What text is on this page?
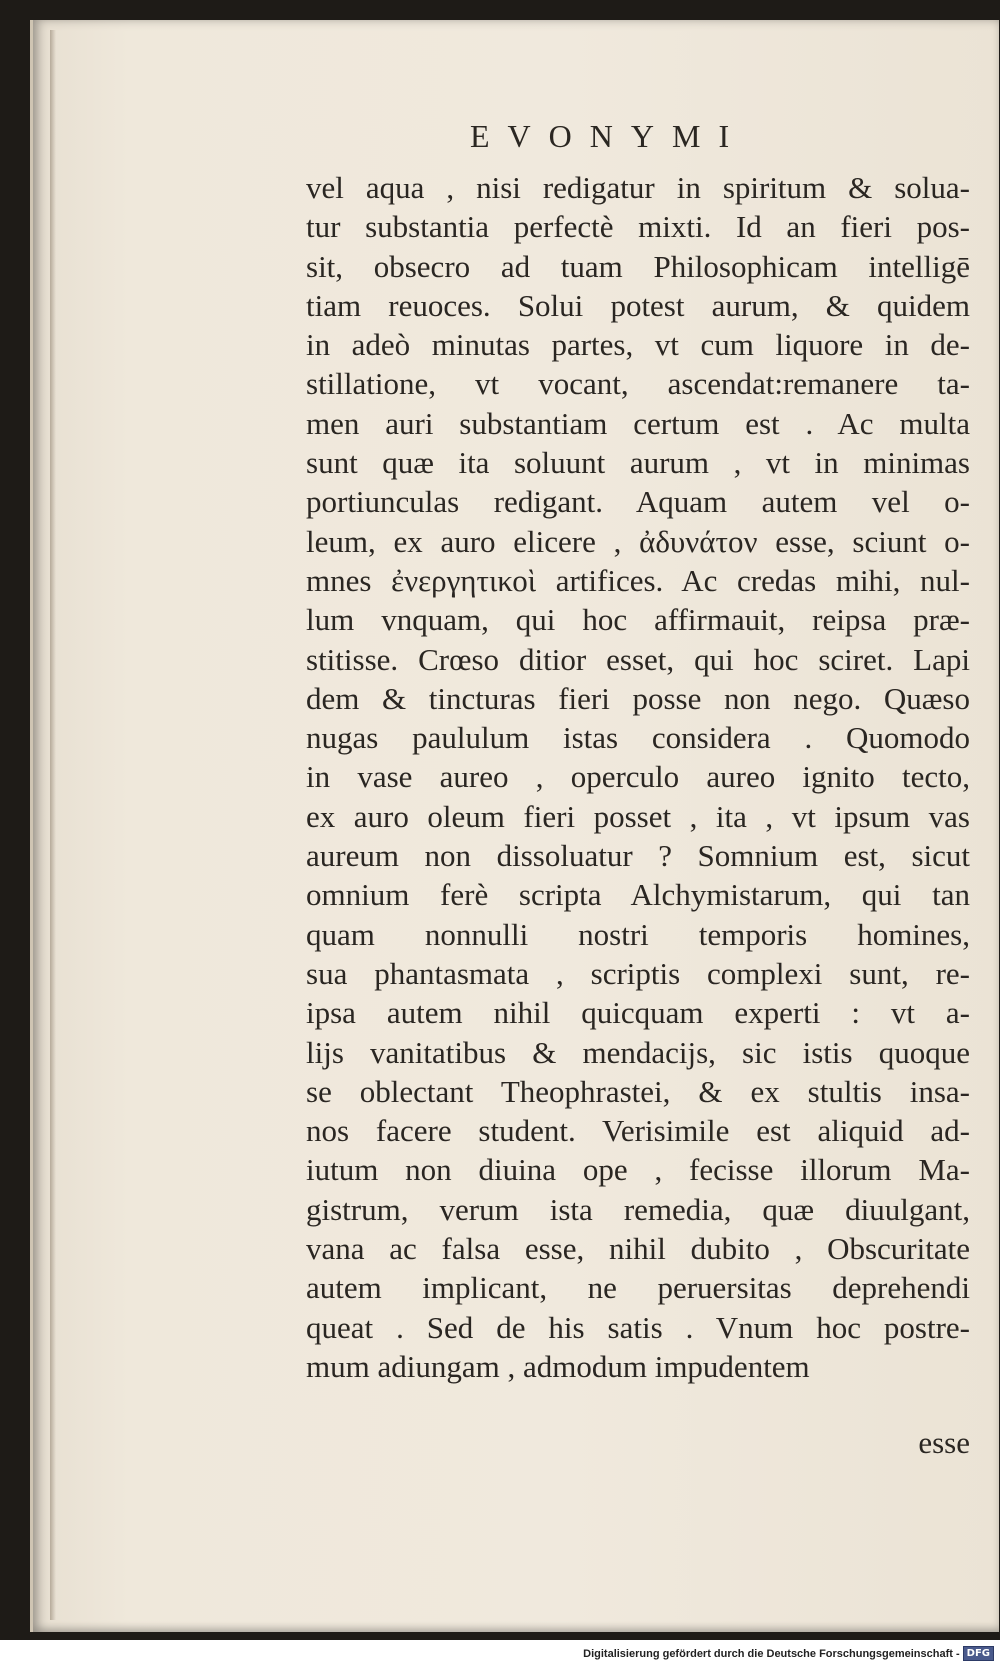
EVONYMI
vel aqua , nisi redigatur in spiritum & solua-
tur substantia perfectè mixti. Id an fieri pos-
sit, obsecro ad tuam Philosophicam intelligē
tiam reuoces. Solui potest aurum, & quidem
in adeò minutas partes, vt cum liquore in de-
stillatione, vt vocant, ascendat:remanere ta-
men auri substantiam certum est . Ac multa
sunt quæ ita soluunt aurum , vt in minimas
portiunculas redigant. Aquam autem vel o-
leum, ex auro elicere , ἀδυνάτον esse, sciunt o-
mnes ἐνεργητικοὶ artifices. Ac credas mihi, nul-
lum vnquam, qui hoc affirmauit, reipsa præ-
stitisse. Crœso ditior esset, qui hoc sciret. Lapi
dem & tincturas fieri posse non nego. Quæso
nugas paululum istas considera . Quomodo
in vase aureo , operculo aureo ignito tecto,
ex auro oleum fieri posset , ita , vt ipsum vas
aureum non dissoluatur ? Somnium est, sicut
omnium ferè scripta Alchymistarum, qui tan
quam nonnulli nostri temporis homines,
sua phantasmata , scriptis complexi sunt, re-
ipsa autem nihil quicquam experti : vt a-
lijs vanitatibus & mendacijs, sic istis quoque
se oblectant Theophrastei, & ex stultis insa-
nos facere student. Verisimile est aliquid ad-
iutum non diuina ope , fecisse illorum Ma-
gistrum, verum ista remedia, quæ diuulgant,
vana ac falsa esse, nihil dubito , Obscuritate
autem implicant, ne peruersitas deprehendi
queat . Sed de his satis . Vnum hoc postre-
mum adiungam , admodum impudentem
esse
Digitalisierung gefördert durch die Deutsche Forschungsgemeinschaft - DFG
